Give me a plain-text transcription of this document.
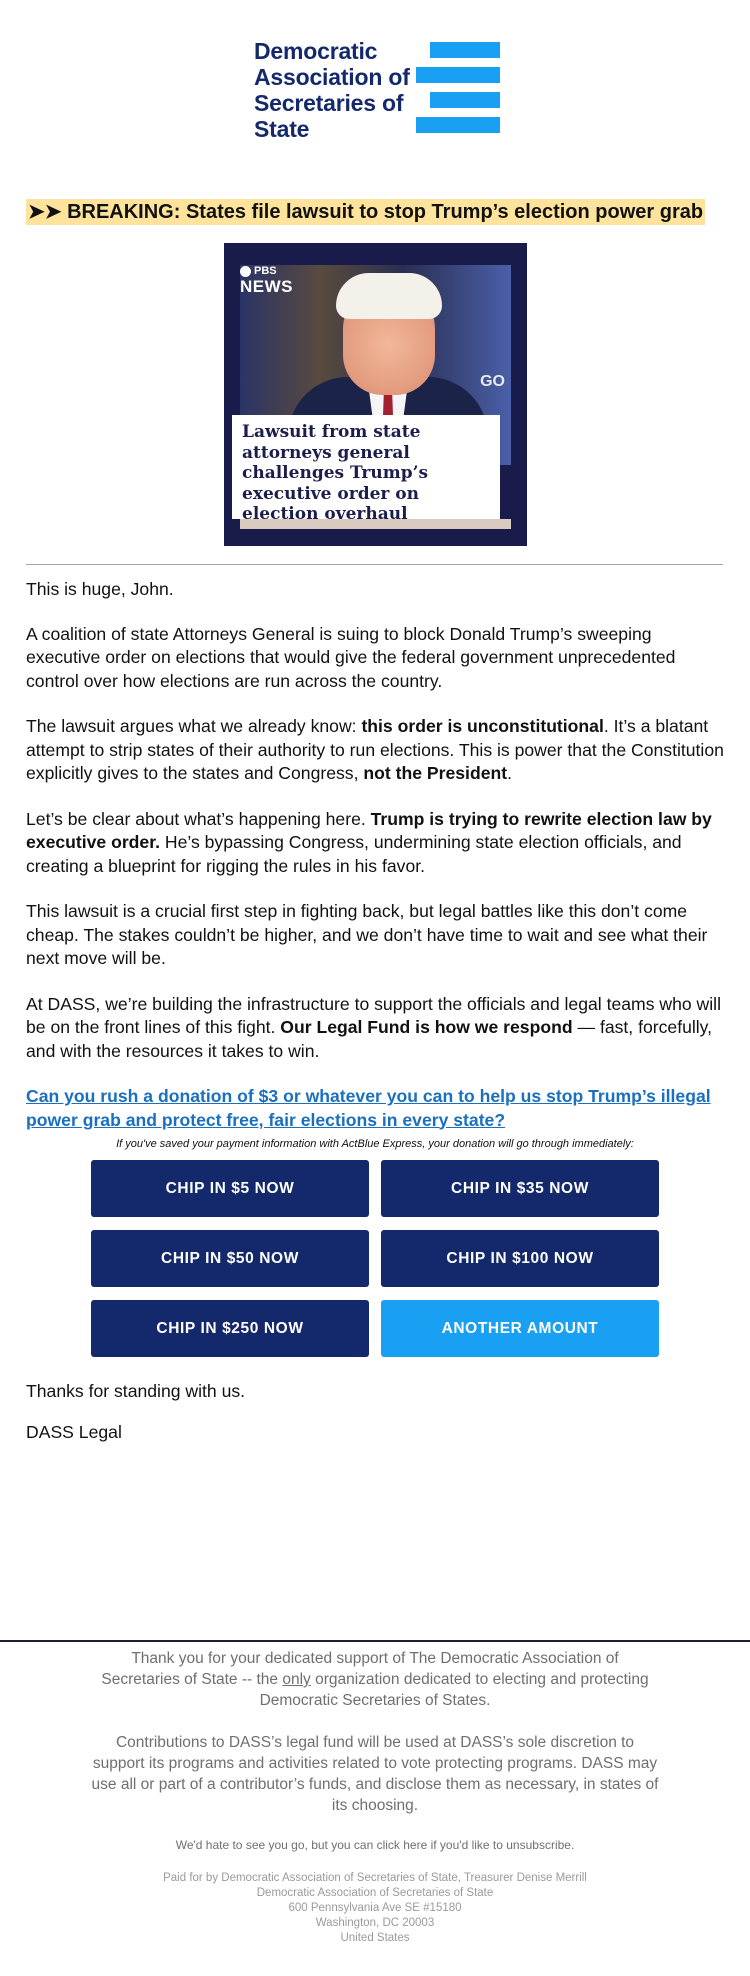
Democratic
Association of
Secretaries of
State
➤➤ BREAKING: States file lawsuit to stop Trump’s election power grab
GO
PBS
NEWS
Lawsuit from state attorneys general challenges Trump’s executive order on election overhaul

This is huge, John.

A coalition of state Attorneys General is suing to block Donald Trump’s sweeping executive order on elections that would give the federal government unprecedented control over how elections are run across the country.

The lawsuit argues what we already know: this order is unconstitutional. It’s a blatant attempt to strip states of their authority to run elections. This is power that the Constitution explicitly gives to the states and Congress, not the President.

Let’s be clear about what’s happening here. Trump is trying to rewrite election law by executive order. He’s bypassing Congress, undermining state election officials, and creating a blueprint for rigging the rules in his favor.

This lawsuit is a crucial first step in fighting back, but legal battles like this don’t come cheap. The stakes couldn’t be higher, and we don’t have time to wait and see what their next move will be.

At DASS, we’re building the infrastructure to support the officials and legal teams who will be on the front lines of this fight. Our Legal Fund is how we respond — fast, forcefully, and with the resources it takes to win.

Can you rush a donation of $3 or whatever you can to help us stop Trump’s illegal power grab and protect free, fair elections in every state?

If you've saved your payment information with ActBlue Express, your donation will go through immediately:
CHIP IN $5 NOW	CHIP IN $35 NOW
CHIP IN $50 NOW	CHIP IN $100 NOW
CHIP IN $250 NOW	ANOTHER AMOUNT

Thanks for standing with us.

DASS Legal

Thank you for your dedicated support of The Democratic Association of Secretaries of State -- the only organization dedicated to electing and protecting Democratic Secretaries of States.
Contributions to DASS’s legal fund will be used at DASS’s sole discretion to support its programs and activities related to vote protecting programs. DASS may use all or part of a contributor’s funds, and disclose them as necessary, in states of its choosing.
We'd hate to see you go, but you can click here if you'd like to unsubscribe.
Paid for by Democratic Association of Secretaries of State, Treasurer Denise Merrill
Democratic Association of Secretaries of State
600 Pennsylvania Ave SE #15180
Washington, DC 20003
United States
